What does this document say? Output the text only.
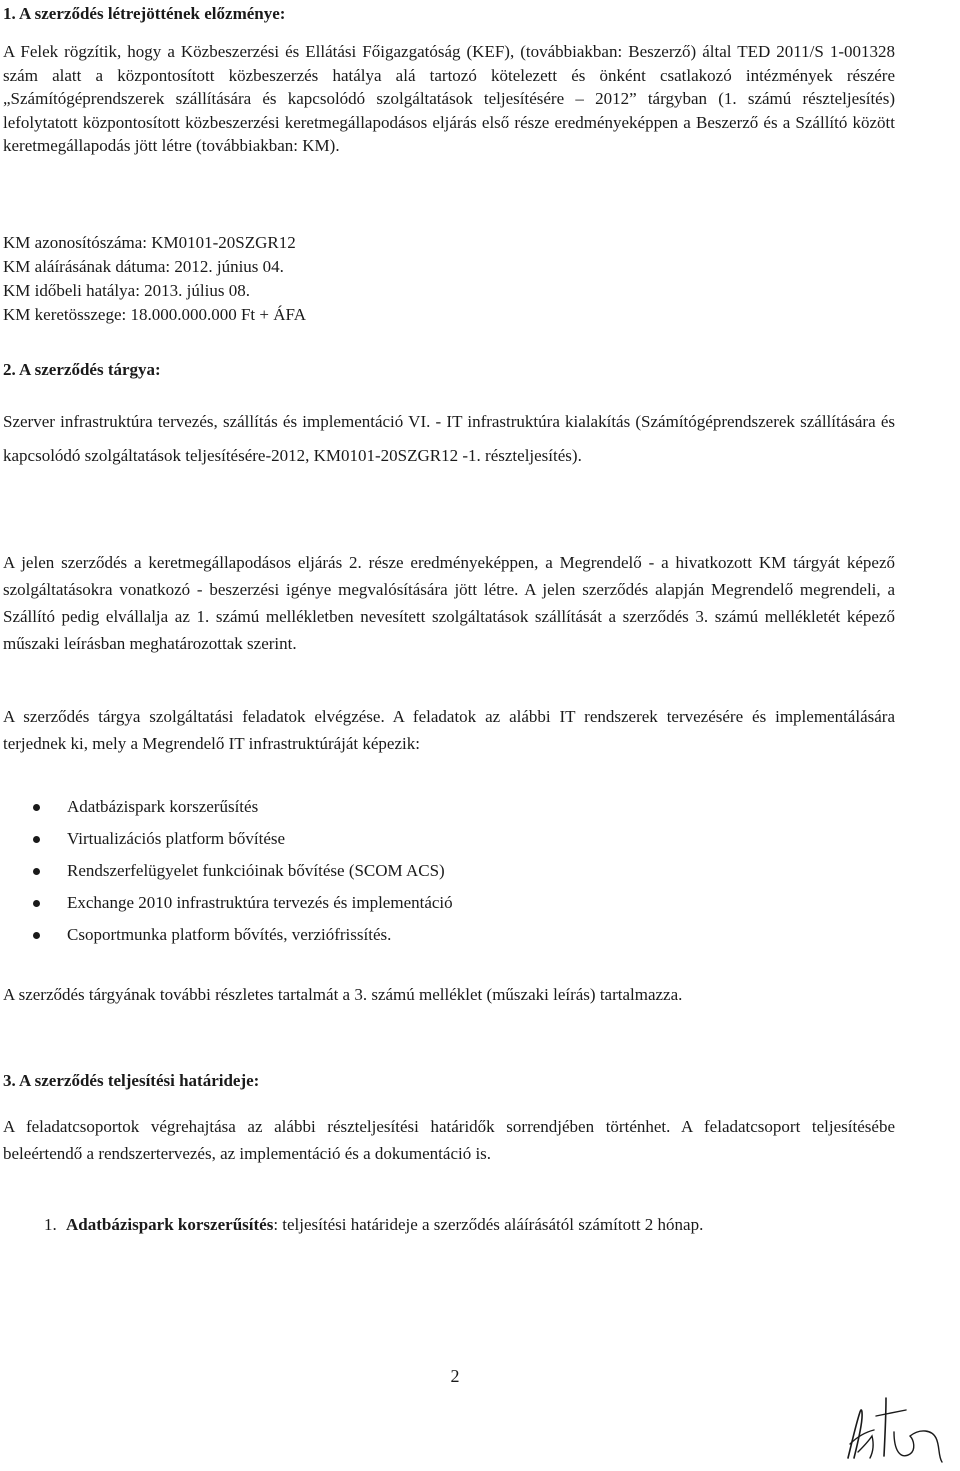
1. A szerződés létrejöttének előzménye:

A Felek rögzítik, hogy a Közbeszerzési és Ellátási Főigazgatóság (KEF), (továbbiakban: Beszerző) által TED 2011/S 1-001328 szám alatt a központosított közbeszerzés hatálya alá tartozó kötelezett és önként csatlakozó intézmények részére „Számítógéprendszerek szállítására és kapcsolódó szolgáltatások teljesítésére – 2012” tárgyban (1. számú részteljesítés) lefolytatott központosított közbeszerzési keretmegállapodásos eljárás első része eredményeképpen a Beszerző és a Szállító között keretmegállapodás jött létre (továbbiakban: KM).

KM azonosítószáma: KM0101-20SZGR12
KM aláírásának dátuma: 2012. június 04.
KM időbeli hatálya: 2013. július 08.
KM keretösszege: 18.000.000.000 Ft + ÁFA
2. A szerződés tárgya:

Szerver infrastruktúra tervezés, szállítás és implementáció VI. - IT infrastruktúra kialakítás (Számítógéprendszerek szállítására és kapcsolódó szolgáltatások teljesítésére-2012, KM0101-20SZGR12 -1. részteljesítés).

A jelen szerződés a keretmegállapodásos eljárás 2. része eredményeképpen, a Megrendelő - a hivatkozott KM tárgyát képező szolgáltatásokra vonatkozó - beszerzési igénye megvalósítására jött létre. A jelen szerződés alapján Megrendelő megrendeli, a Szállító pedig elvállalja az 1. számú mellékletben nevesített szolgáltatások szállítását a szerződés 3. számú mellékletét képező műszaki leírásban meghatározottak szerint.

A szerződés tárgya szolgáltatási feladatok elvégzése. A feladatok az alábbi IT rendszerek tervezésére és implementálására terjednek ki, mely a Megrendelő IT infrastruktúráját képezik:

Adatbázispark korszerűsítés
Virtualizációs platform bővítése
Rendszerfelügyelet funkcióinak bővítése (SCOM ACS)
Exchange 2010 infrastruktúra tervezés és implementáció
Csoportmunka platform bővítés, verziófrissítés.

A szerződés tárgyának további részletes tartalmát a 3. számú melléklet (műszaki leírás) tartalmazza.

3. A szerződés teljesítési határideje:

A feladatcsoportok végrehajtása az alábbi részteljesítési határidők sorrendjében történhet. A feladatcsoport teljesítésébe beleértendő a rendszertervezés, az implementáció és a dokumentáció is.

1. Adatbázispark korszerűsítés: teljesítési határideje a szerződés aláírásától számított 2 hónap.

2
